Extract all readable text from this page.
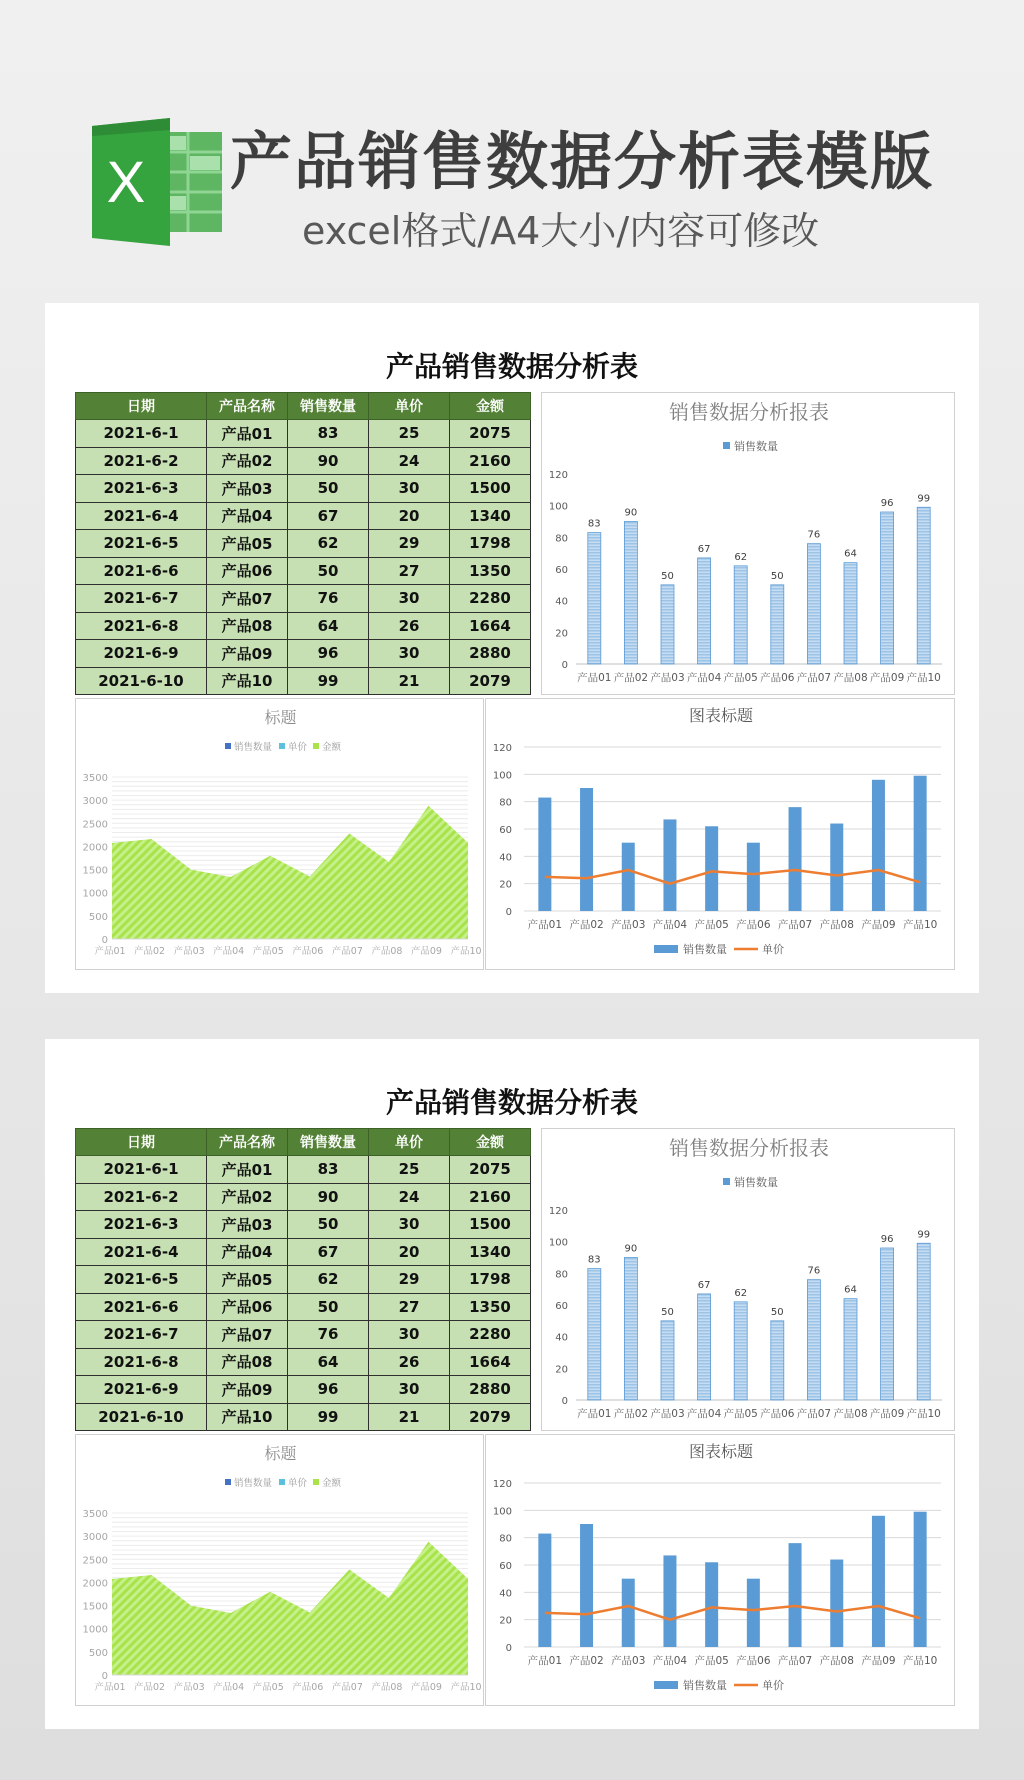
X 产品销售数据分析表模版
excel格式/A4大小/内容可修改
产品销售数据分析表
日期	产品名称	销售数量	单价	金额
2021-6-1	产品01	83	25	2075
2021-6-2	产品02	90	24	2160
2021-6-3	产品03	50	30	1500
2021-6-4	产品04	67	20	1340
2021-6-5	产品05	62	29	1798
2021-6-6	产品06	50	27	1350
2021-6-7	产品07	76	30	2280
2021-6-8	产品08	64	26	1664
2021-6-9	产品09	96	30	2880
2021-6-10	产品10	99	21	2079
销售数据分析报表
销售数量
0
20
40
60
80
100
120
83
产品01
90
产品02
50
产品03
67
产品04
62
产品05
50
产品06
76
产品07
64
产品08
96
产品09
99
产品10
标题
销售数量 单价 金额
0
500
1000
1500
2000
2500
3000
3500
产品01 产品02 产品03 产品04 产品05 产品06 产品07 产品08 产品09 产品10
图表标题
0
20
40
60
80
100
120
产品01 产品02 产品03 产品04 产品05 产品06 产品07 产品08 产品09 产品10
销售数量	单价
产品销售数据分析表
日期	产品名称	销售数量	单价	金额
2021-6-1	产品01	83	25	2075
2021-6-2	产品02	90	24	2160
2021-6-3	产品03	50	30	1500
2021-6-4	产品04	67	20	1340
2021-6-5	产品05	62	29	1798
2021-6-6	产品06	50	27	1350
2021-6-7	产品07	76	30	2280
2021-6-8	产品08	64	26	1664
2021-6-9	产品09	96	30	2880
2021-6-10	产品10	99	21	2079
销售数据分析报表
销售数量
0
20
40
60
80
100
120
83
产品01
90
产品02
50
产品03
67
产品04
62
产品05
50
产品06
76
产品07
64
产品08
96
产品09
99
产品10
标题
销售数量 单价 金额
0
500
1000
1500
2000
2500
3000
3500
产品01 产品02 产品03 产品04 产品05 产品06 产品07 产品08 产品09 产品10
图表标题
0
20
40
60
80
100
120
产品01 产品02 产品03 产品04 产品05 产品06 产品07 产品08 产品09 产品10
销售数量	单价
